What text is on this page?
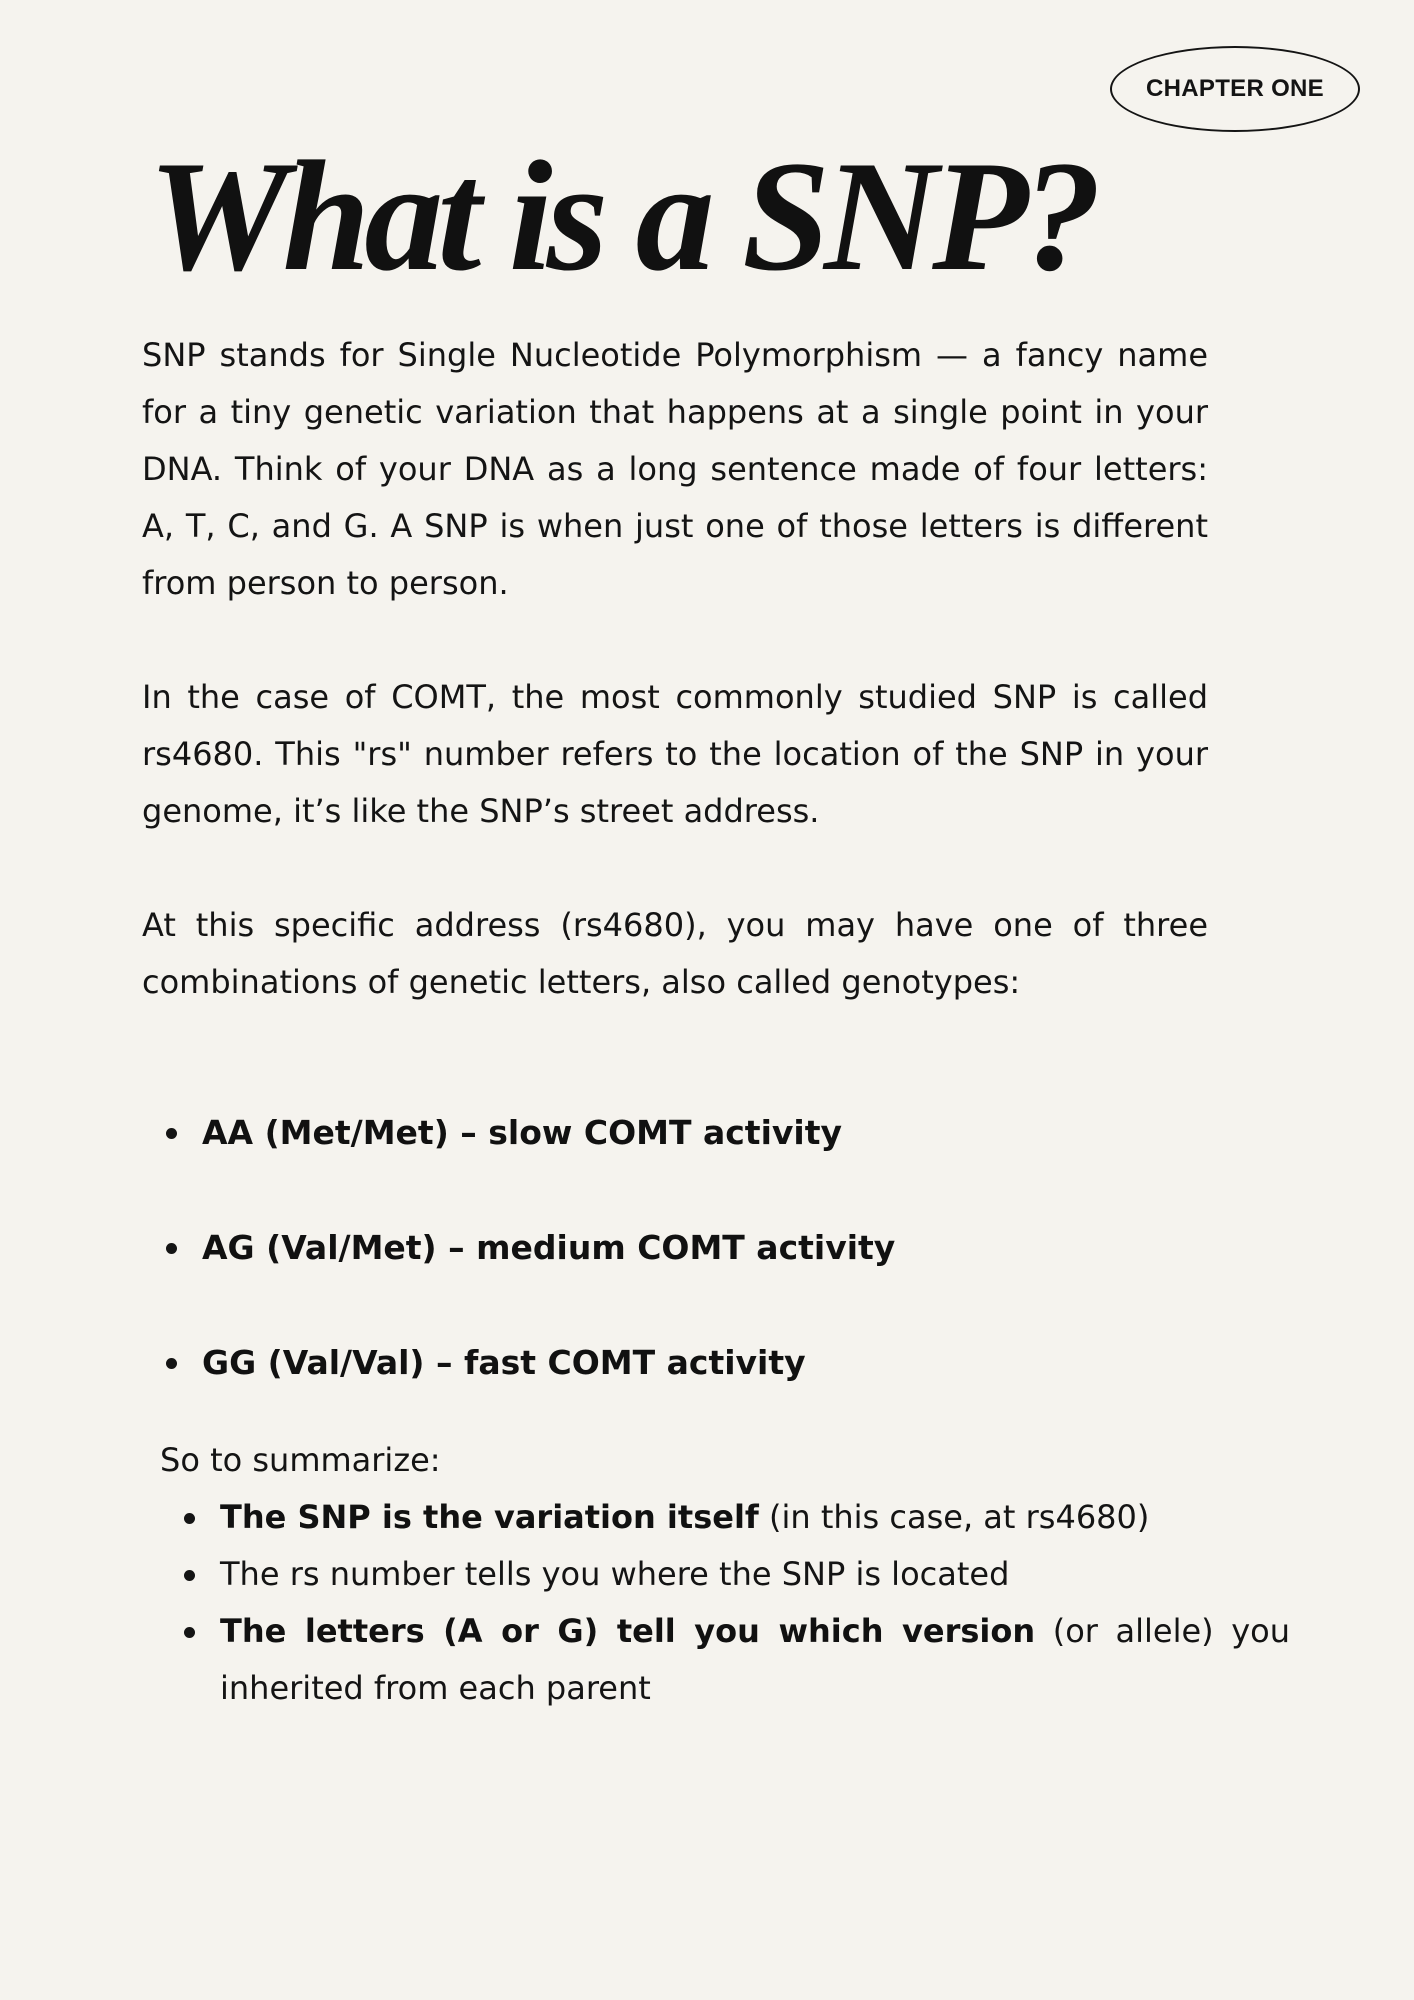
CHAPTER ONE
What is a SNP?

SNP stands for Single Nucleotide Polymorphism — a fancy name for a tiny genetic variation that happens at a single point in your DNA. Think of your DNA as a long sentence made of four letters: A, T, C, and G. A SNP is when just one of those letters is different from person to person.

In the case of COMT, the most commonly studied SNP is called rs4680. This "rs" number refers to the location of the SNP in your genome, it’s like the SNP’s street address.

At this specific address (rs4680), you may have one of three combinations of genetic letters, also called genotypes:

AA (Met/Met) – slow COMT activity
AG (Val/Met) – medium COMT activity
GG (Val/Val) – fast COMT activity

So to summarize:

The SNP is the variation itself (in this case, at rs4680)
The rs number tells you where the SNP is located
The letters (A or G) tell you which version (or allele) you inherited from each parent
